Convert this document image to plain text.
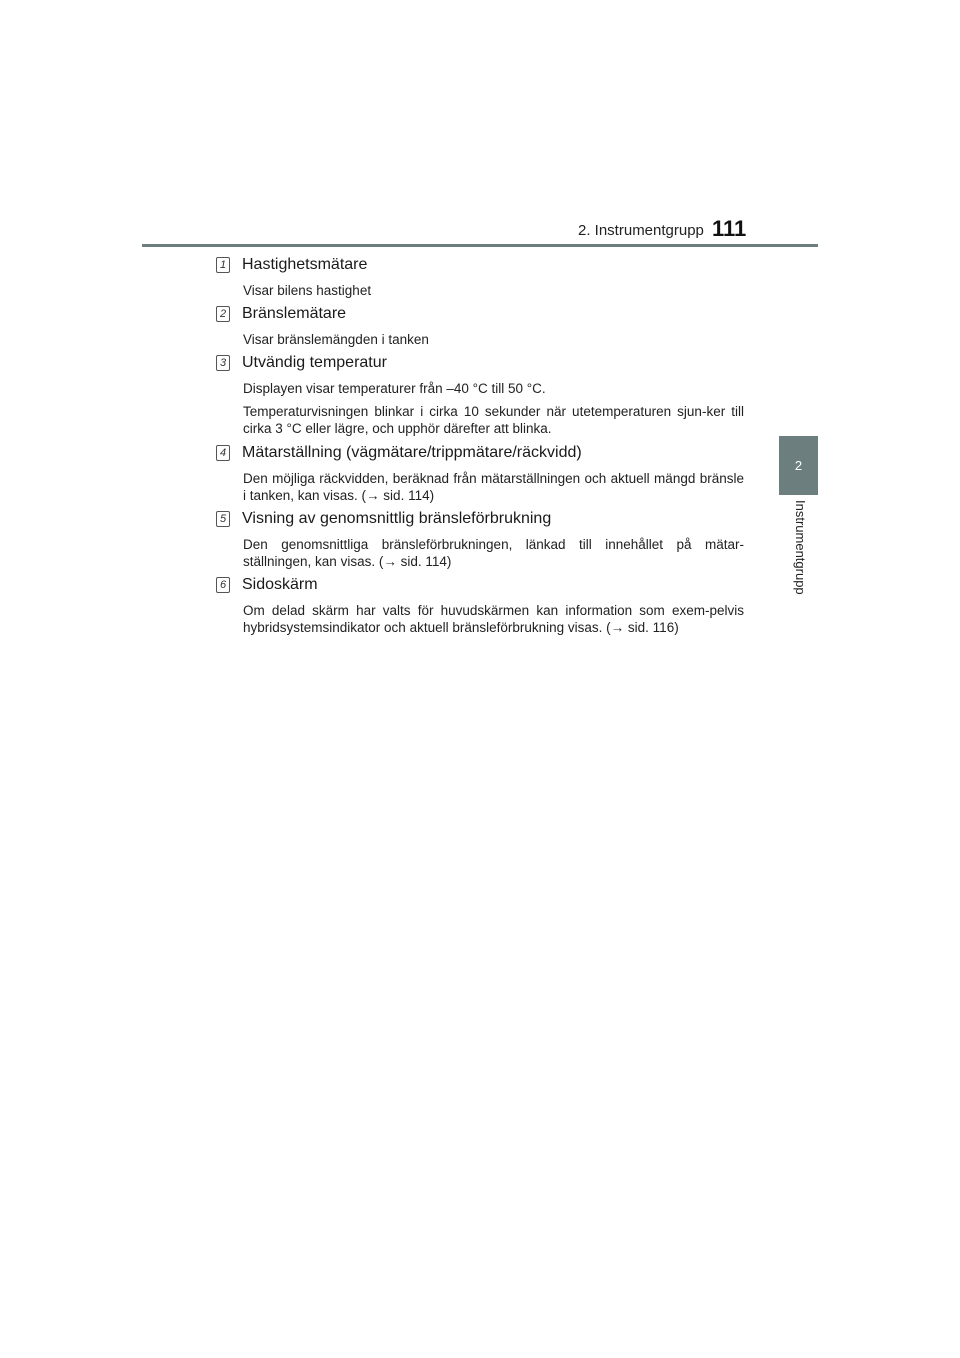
2. Instrumentgrupp 111
2
Instrumentgrupp
1 Hastighetsmätare

Visar bilens hastighet

2 Bränslemätare

Visar bränslemängden i tanken

3 Utvändig temperatur

Displayen visar temperaturer från –40 °C till 50 °C.

Temperaturvisningen blinkar i cirka 10 sekunder när utetemperaturen sjun-ker till cirka 3 °C eller lägre, och upphör därefter att blinka.

4 Mätarställning (vägmätare/trippmätare/räckvidd)

Den möjliga räckvidden, beräknad från mätarställningen och aktuell mängd bränsle i tanken, kan visas. (→ sid. 114)

5 Visning av genomsnittlig bränsleförbrukning

Den genomsnittliga bränsleförbrukningen, länkad till innehållet på mätar-ställningen, kan visas. (→ sid. 114)

6 Sidoskärm

Om delad skärm har valts för huvudskärmen kan information som exem-pelvis hybridsystemsindikator och aktuell bränsleförbrukning visas. (→ sid. 116)
